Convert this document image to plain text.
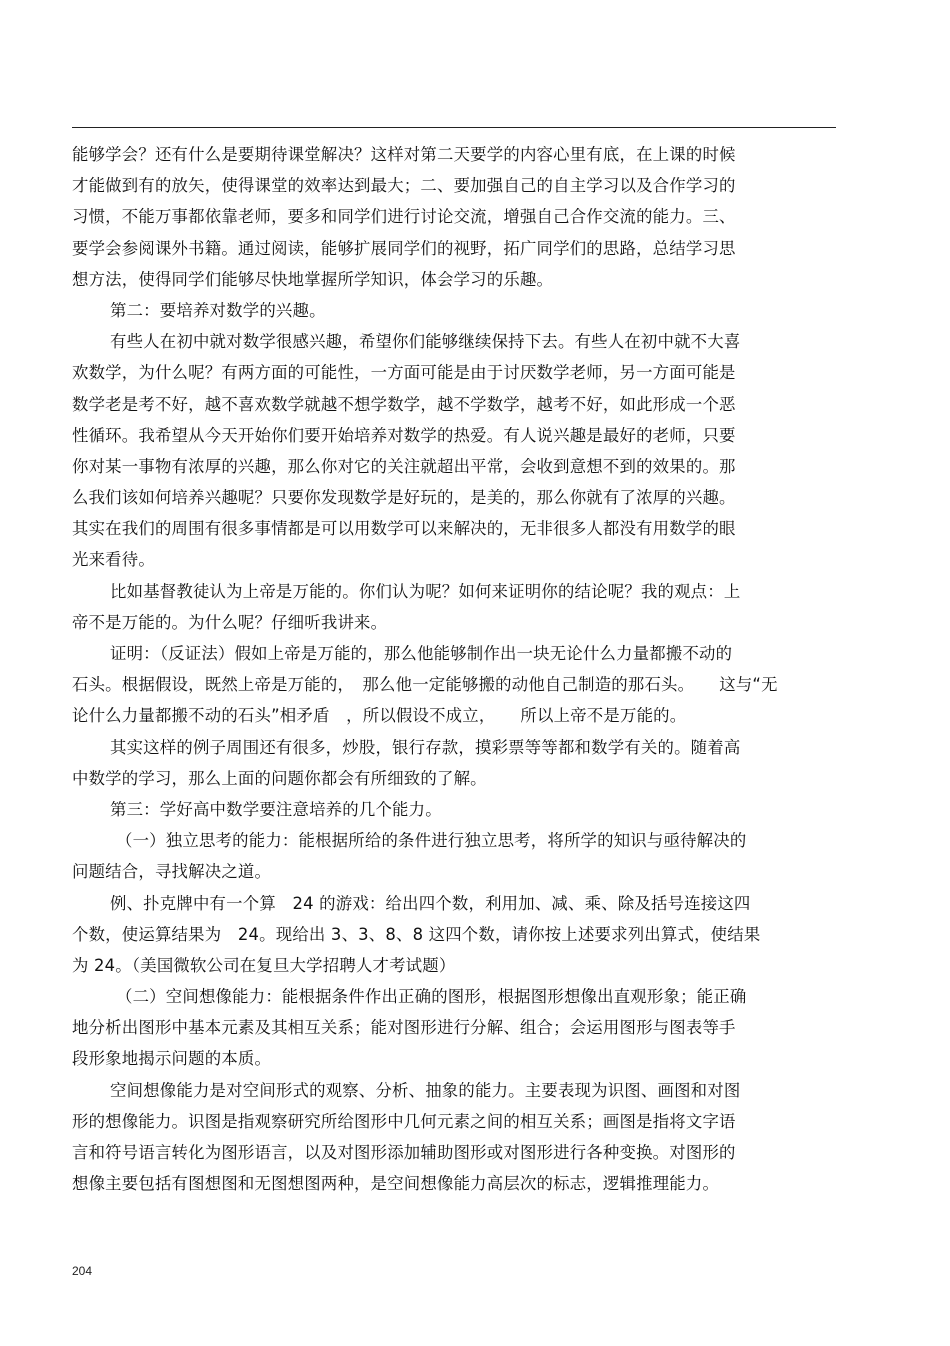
能够学会？还有什么是要期待课堂解决？这样对第二天要学的内容心里有底，在上课的时候
才能做到有的放矢，使得课堂的效率达到最大；二、要加强自己的自主学习以及合作学习的
习惯，不能万事都依靠老师，要多和同学们进行讨论交流，增强自己合作交流的能力。三、
要学会参阅课外书籍。通过阅读，能够扩展同学们的视野，拓广同学们的思路，总结学习思
想方法，使得同学们能够尽快地掌握所学知识，体会学习的乐趣。
第二：要培养对数学的兴趣。
有些人在初中就对数学很感兴趣，希望你们能够继续保持下去。有些人在初中就不大喜
欢数学，为什么呢？有两方面的可能性，一方面可能是由于讨厌数学老师，另一方面可能是
数学老是考不好，越不喜欢数学就越不想学数学，越不学数学，越考不好，如此形成一个恶
性循环。我希望从今天开始你们要开始培养对数学的热爱。有人说兴趣是最好的老师，只要
你对某一事物有浓厚的兴趣，那么你对它的关注就超出平常，会收到意想不到的效果的。那
么我们该如何培养兴趣呢？只要你发现数学是好玩的，是美的，那么你就有了浓厚的兴趣。
其实在我们的周围有很多事情都是可以用数学可以来解决的，无非很多人都没有用数学的眼
光来看待。
比如基督教徒认为上帝是万能的。你们认为呢？如何来证明你的结论呢？我的观点：上
帝不是万能的。为什么呢？仔细听我讲来。
证明：（反证法）假如上帝是万能的，那么他能够制作出一块无论什么力量都搬不动的
石头。根据假设，既然上帝是万能的，　那么他一定能够搬的动他自己制造的那石头。　　这与“无
论什么力量都搬不动的石头”相矛盾　，所以假设不成立，　　所以上帝不是万能的。
其实这样的例子周围还有很多，炒股，银行存款，摸彩票等等都和数学有关的。随着高
中数学的学习，那么上面的问题你都会有所细致的了解。
第三：学好高中数学要注意培养的几个能力。
（一）独立思考的能力：能根据所给的条件进行独立思考，将所学的知识与亟待解决的
问题结合，寻找解决之道。
例、扑克牌中有一个算　24 的游戏：给出四个数，利用加、减、乘、除及括号连接这四
个数，使运算结果为　24。现给出 3、3、8、8 这四个数，请你按上述要求列出算式，使结果
为 24。（美国微软公司在复旦大学招聘人才考试题）
（二）空间想像能力：能根据条件作出正确的图形，根据图形想像出直观形象；能正确
地分析出图形中基本元素及其相互关系；能对图形进行分解、组合；会运用图形与图表等手
段形象地揭示问题的本质。
空间想像能力是对空间形式的观察、分析、抽象的能力。主要表现为识图、画图和对图
形的想像能力。识图是指观察研究所给图形中几何元素之间的相互关系；画图是指将文字语
言和符号语言转化为图形语言，以及对图形添加辅助图形或对图形进行各种变换。对图形的
想像主要包括有图想图和无图想图两种，是空间想像能力高层次的标志，逻辑推理能力。
204
